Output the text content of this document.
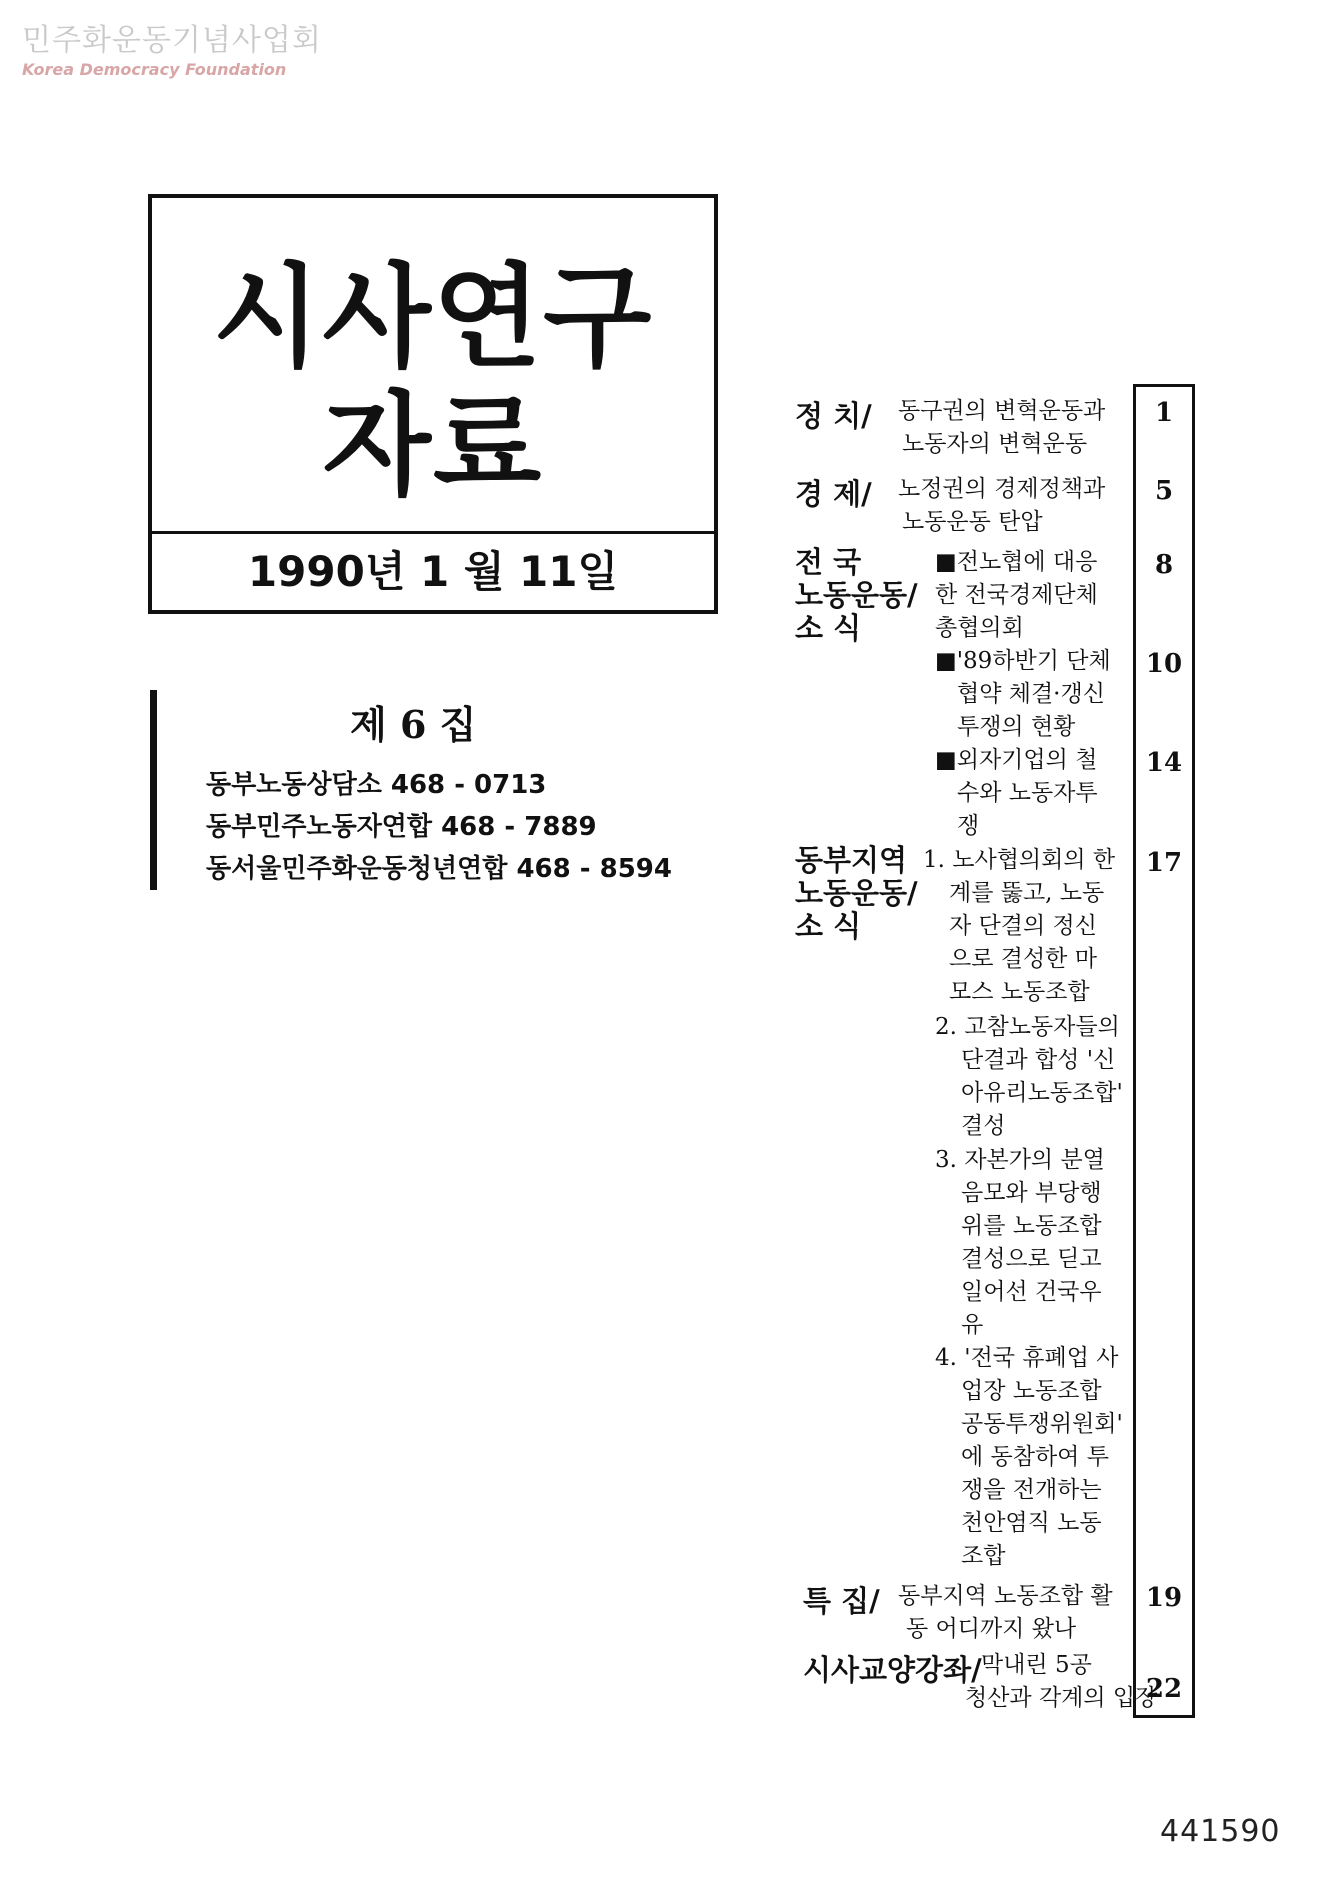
민주화운동기념사업회
Korea Democracy Foundation
시사연구
자료
1990년 1 월 11일
제 6 집
동부노동상담소 468 - 0713
동부민주노동자연합 468 - 7889
동서울민주화운동청년연합 468 - 8594
정 치/ 동구권의 변혁운동과
노동자의 변혁운동
1
경 제/ 노정권의 경제정책과
노동운동 탄압
5
전 국
노동운동/
소 식
■전노협에 대응
한 전국경제단체
총협의회
8
■'89하반기 단체
협약 체결·갱신
투쟁의 현황
10
■외자기업의 철
수와 노동자투
쟁
14
동부지역
노동운동/
소 식
17
1. 노사협의회의 한
계를 뚫고, 노동
자 단결의 정신
으로 결성한 마
모스 노동조합
2. 고참노동자들의
단결과 합성 '신
아유리노동조합'
결성
3. 자본가의 분열
음모와 부당행
위를 노동조합
결성으로 딛고
일어선 건국우
유
4. '전국 휴폐업 사
업장 노동조합
공동투쟁위원회'
에 동참하여 투
쟁을 전개하는
천안염직 노동
조합
특 집/ 동부지역 노동조합 활
동 어디까지 왔나
19
시사교양강좌/ 막내린 5공
청산과 각계의 입장
22
441590
